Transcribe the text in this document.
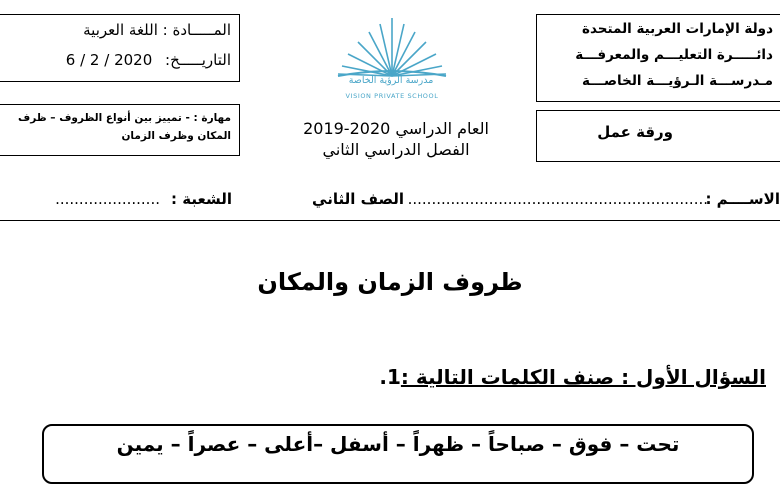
المـــــادة : اللغة العربية
التاريـــــخ: 6 / 2 / 2020
مهارة : - تمييز بين أنواع الظروف – ظرف
المكان وظرف الزمان
دولة الإمارات العربية المتحدة
دائـــــرة التعليـــم والمعرفـــة
مـدرســـة الـرؤيـــة الخاصـــة
ورقة عمل
مدرسة الرؤية الخاصة
VISION PRIVATE SCHOOL
العام الدراسي 2020-2019
الفصل الدراسي الثاني
الاســــم :
...............................................................
الصف الثاني
الشعبة :
......................
ظروف الزمان والمكان
السؤال الأول : صنف الكلمات التالية :1.
تحت – فوق – صباحاً – ظهراً – أسفل –أعلى – عصراً – يمين
